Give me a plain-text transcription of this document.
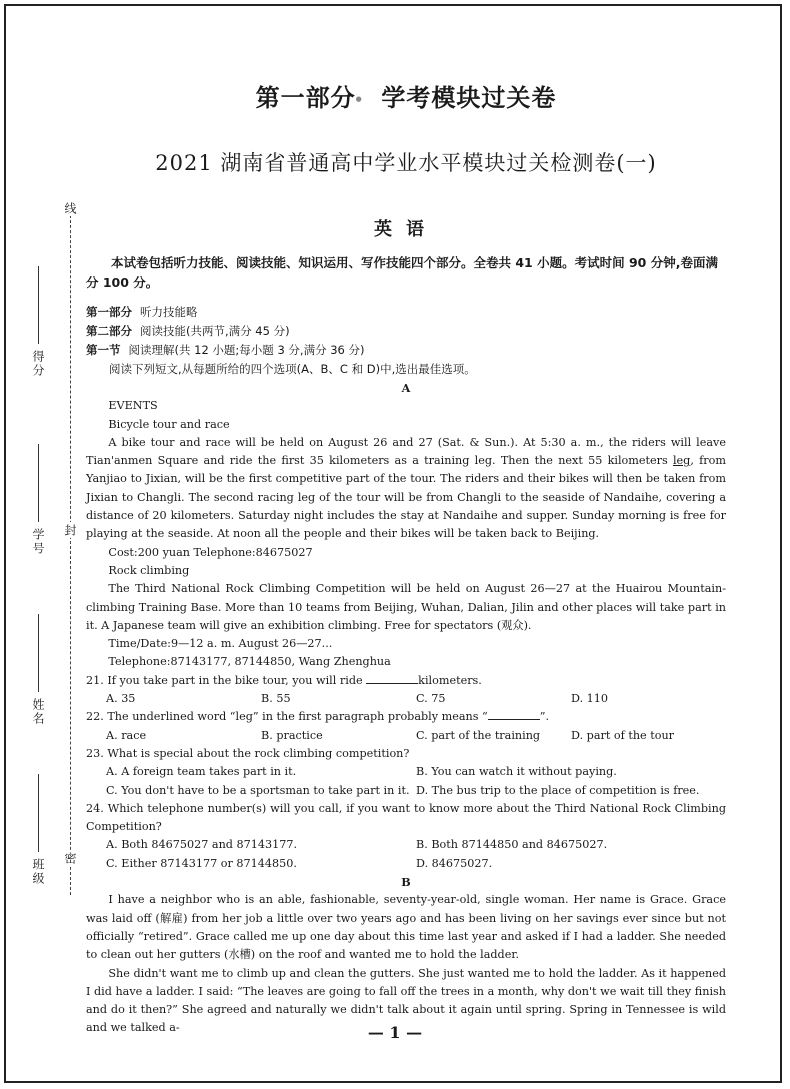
线
封
密
得分
学号
姓名
班级
第一部分● 学考模块过关卷
2021 湖南省普通高中学业水平模块过关检测卷(一)
英语
本试卷包括听力技能、阅读技能、知识运用、写作技能四个部分。全卷共 41 小题。考试时间 90 分钟,卷面满分 100 分。
第一部分 听力技能略
第二部分 阅读技能(共两节,满分 45 分)
第一节 阅读理解(共 12 小题;每小题 3 分,满分 36 分)
阅读下列短文,从每题所给的四个选项(A、B、C 和 D)中,选出最佳选项。
A
EVENTS
Bicycle tour and race
A bike tour and race will be held on August 26 and 27 (Sat. & Sun.). At 5:30 a. m., the riders will leave Tian'anmen Square and ride the first 35 kilometers as a training leg. Then the next 55 kilometers leg, from Yanjiao to Jixian, will be the first competitive part of the tour. The riders and their bikes will then be taken from Jixian to Changli. The second racing leg of the tour will be from Changli to the seaside of Nandaihe, covering a distance of 20 kilometers. Saturday night includes the stay at Nandaihe and supper. Sunday morning is free for playing at the seaside. At noon all the people and their bikes will be taken back to Beijing.
Cost:200 yuan Telephone:84675027
Rock climbing
The Third National Rock Climbing Competition will be held on August 26—27 at the Huairou Mountain-climbing Training Base. More than 10 teams from Beijing, Wuhan, Dalian, Jilin and other places will take part in it. A Japanese team will give an exhibition climbing. Free for spectators (观众).
Time/Date:9—12 a. m. August 26—27...
Telephone:87143177, 87144850, Wang Zhenghua
21. If you take part in the bike tour, you will ride	kilometers.
A. 35	B. 55	C. 75	D. 110
22. The underlined word “leg” in the first paragraph probably means “	”.
A. race	B. practice	C. part of the training	D. part of the tour
23. What is special about the rock climbing competition?
A. A foreign team takes part in it.	B. You can watch it without paying.
C. You don't have to be a sportsman to take part in it. D. The bus trip to the place of competition is free.
24. Which telephone number(s) will you call, if you want to know more about the Third National Rock Climbing Competition?
A. Both 84675027 and 87143177.	B. Both 87144850 and 84675027.
C. Either 87143177 or 87144850.	D. 84675027.
B
I have a neighbor who is an able, fashionable, seventy-year-old, single woman. Her name is Grace. Grace was laid off (解雇) from her job a little over two years ago and has been living on her savings ever since but not officially “retired”. Grace called me up one day about this time last year and asked if I had a ladder. She needed to clean out her gutters (水槽) on the roof and wanted me to hold the ladder.
She didn't want me to climb up and clean the gutters. She just wanted me to hold the ladder. As it happened I did have a ladder. I said: “The leaves are going to fall off the trees in a month, why don't we wait till they finish and do it then?” She agreed and naturally we didn't talk about it again until spring. Spring in Tennessee is wild and we talked a-	— 1 —
